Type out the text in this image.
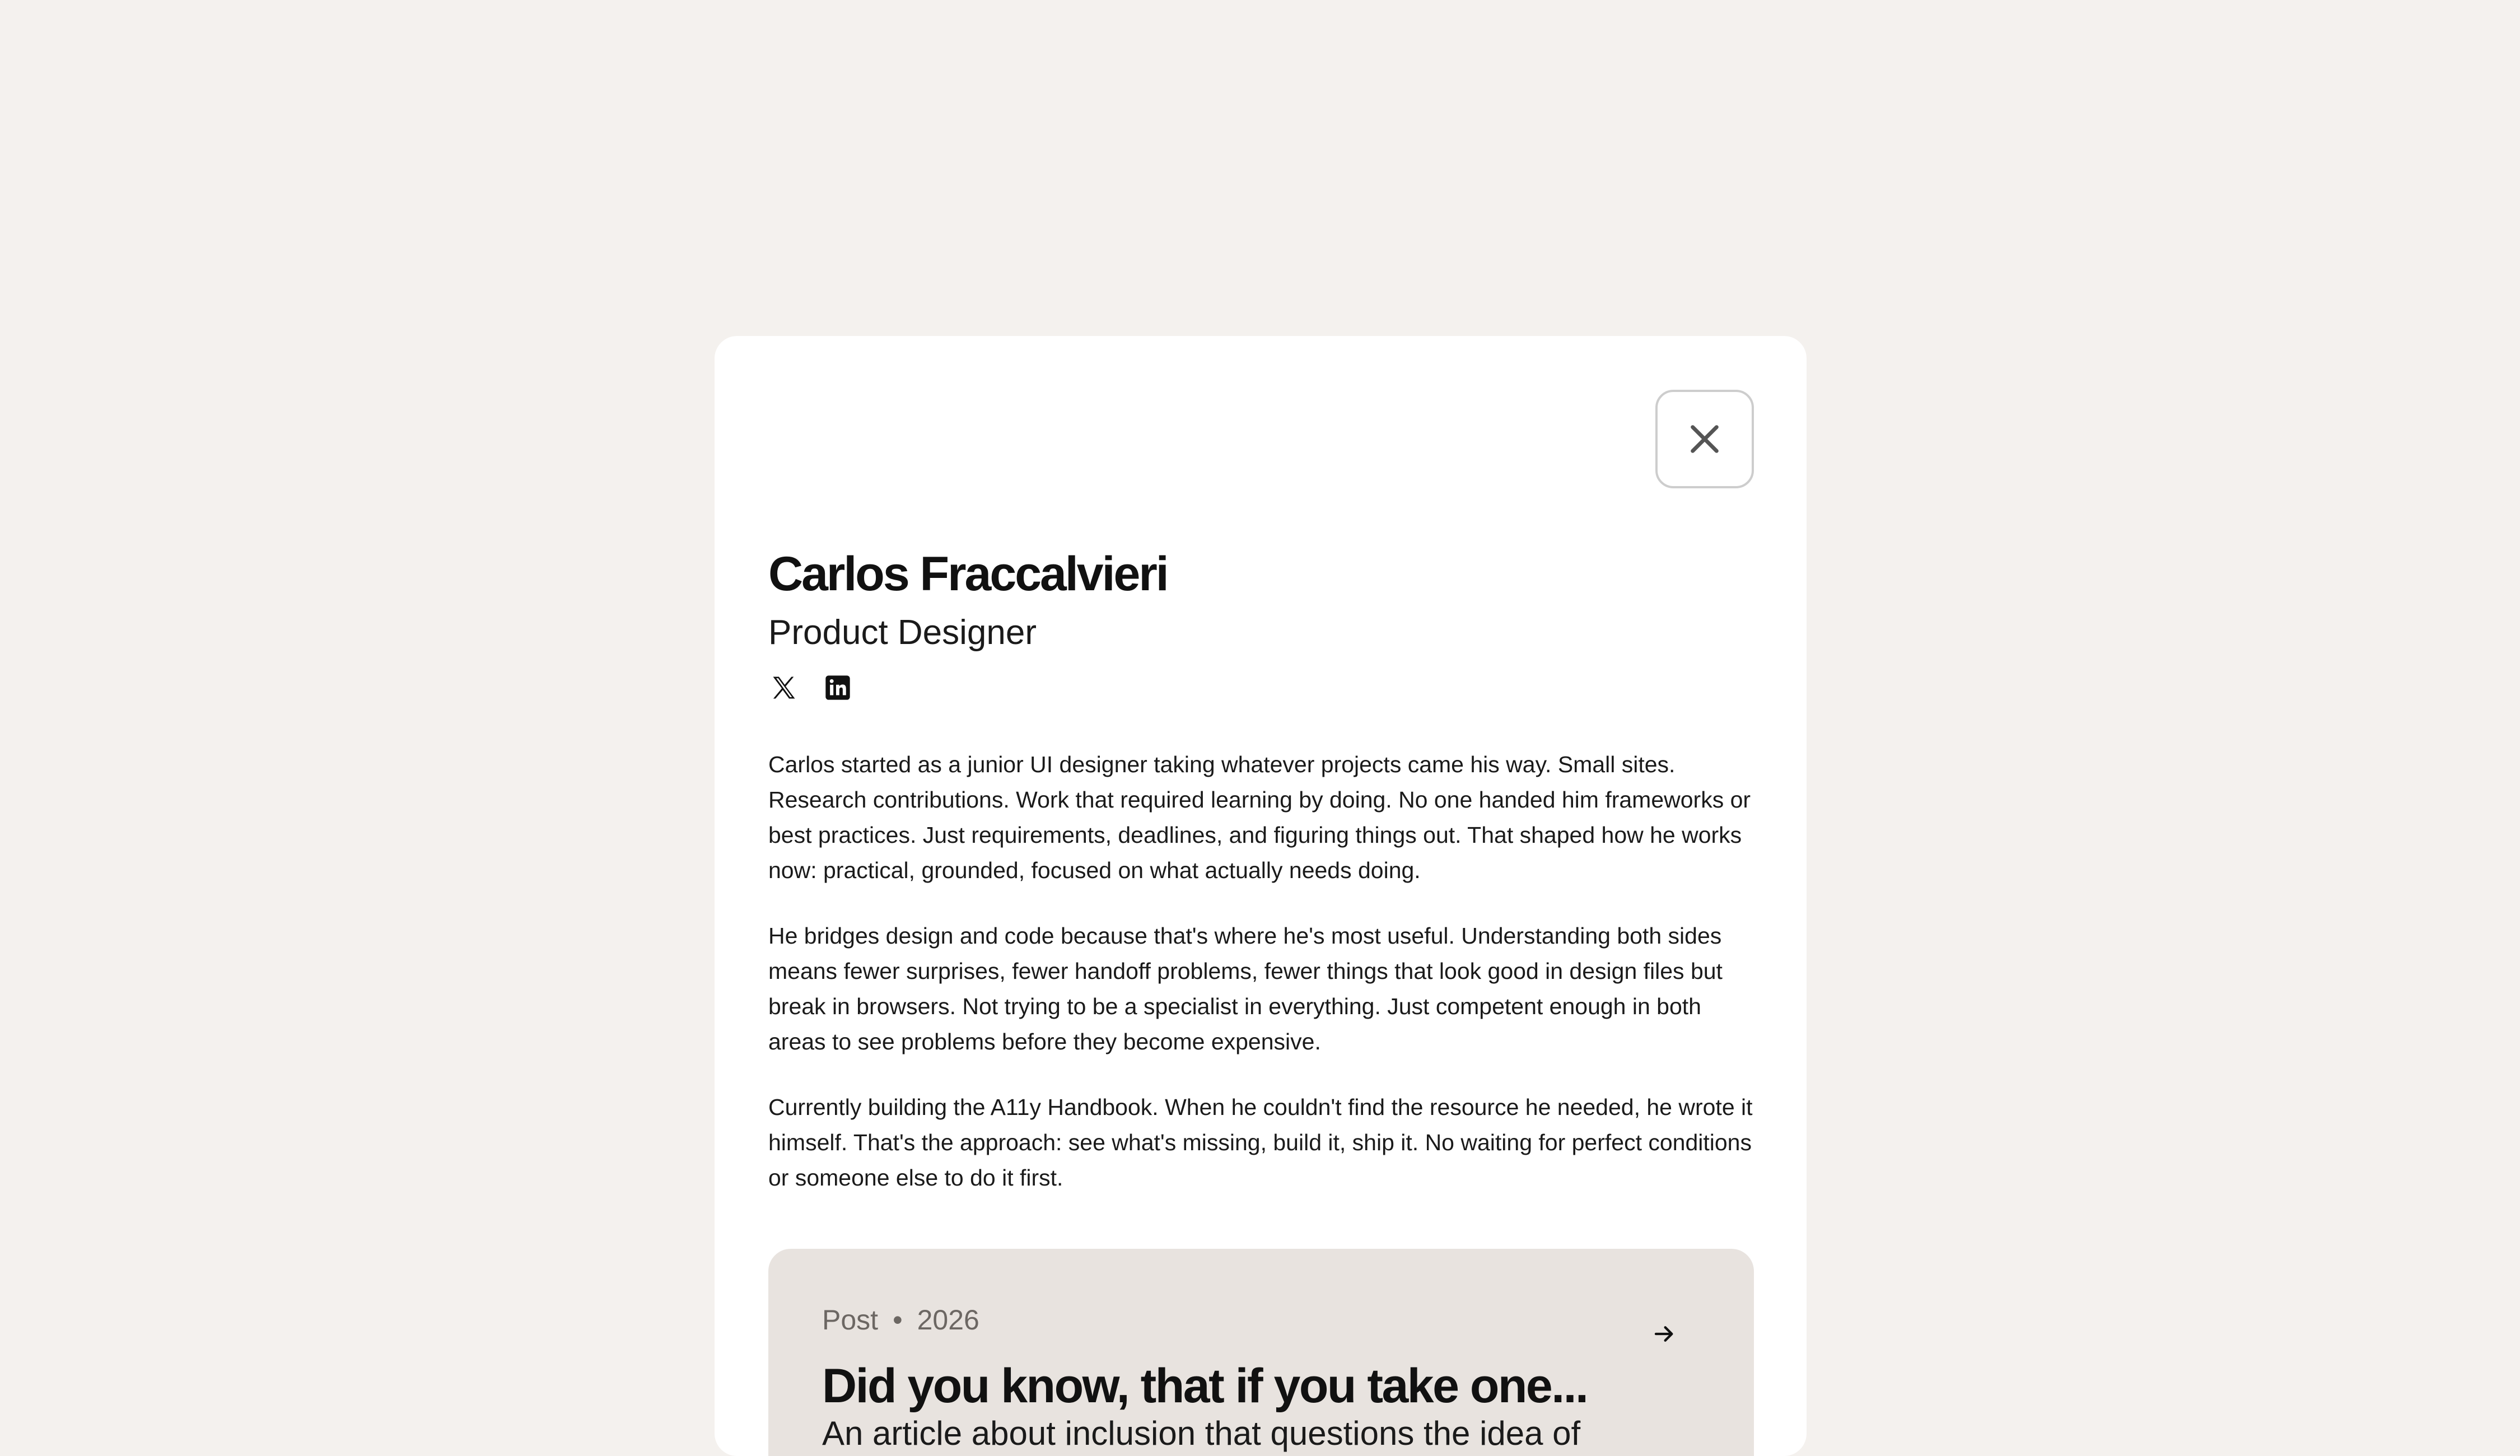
Carlos Fraccalvieri
Product Designer

Carlos started as a junior UI designer taking whatever projects came his way. Small sites. Research contributions. Work that required learning by doing. No one handed him frameworks or best practices. Just requirements, deadlines, and figuring things out. That shaped how he works now: practical, grounded, focused on what actually needs doing.

He bridges design and code because that's where he's most useful. Understanding both sides means fewer surprises, fewer handoff problems, fewer things that look good in design files but break in browsers. Not trying to be a specialist in everything. Just competent enough in both areas to see problems before they become expensive.

Currently building the A11y Handbook. When he couldn't find the resource he needed, he wrote it himself. That's the approach: see what's missing, build it, ship it. No waiting for perfect conditions or someone else to do it first.

Post • 2026
Did you know, that if you take one...
An article about inclusion that questions the idea of
